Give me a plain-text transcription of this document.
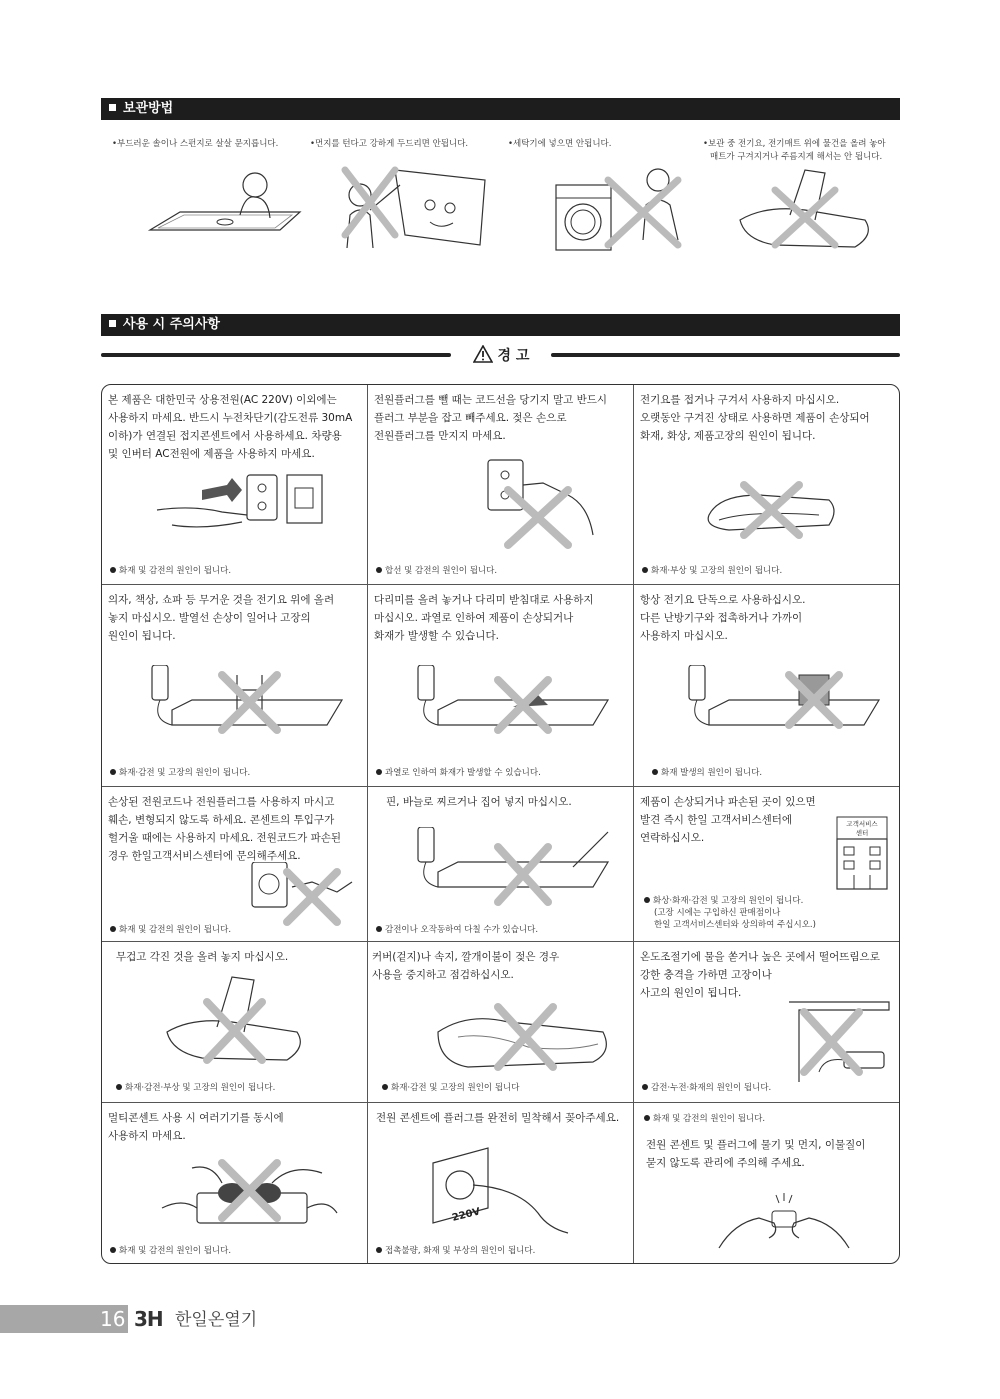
보관방법
•부드러운 솔이나 스펀지로 살살 문지릅니다.	•먼지를 턴다고 강하게 두드리면 안됩니다.	•세탁기에 넣으면 안됩니다.	•보관 중 전기요, 전기매트 위에 물건을 올려 놓아
매트가 구겨지거나 주름지게 해서는 안 됩니다.
사용 시 주의사항
경 고
본 제품은 대한민국 상용전원(AC 220V) 이외에는
사용하지 마세요. 반드시 누전차단기(감도전류 30mA
이하)가 연결된 접지콘센트에서 사용하세요. 차량용
및 인버터 AC전원에 제품을 사용하지 마세요.
화재 및 감전의 원인이 됩니다.
전원플러그를 뺄 때는 코드선을 당기지 말고 반드시
플러그 부분을 잡고 빼주세요. 젖은 손으로
전원플러그를 만지지 마세요.
합선 및 감전의 원인이 됩니다.
전기요를 접거나 구겨서 사용하지 마십시오.
오랫동안 구겨진 상태로 사용하면 제품이 손상되어
화재, 화상, 제품고장의 원인이 됩니다.
화재·부상 및 고장의 원인이 됩니다.
의자, 책상, 쇼파 등 무거운 것을 전기요 위에 올려
놓지 마십시오. 발열선 손상이 일어나 고장의
원인이 됩니다.
화재·감전 및 고장의 원인이 됩니다.
다리미를 올려 놓거나 다리미 받침대로 사용하지
마십시오. 과열로 인하여 제품이 손상되거나
화재가 발생할 수 있습니다.
과열로 인하여 화재가 발생할 수 있습니다.
항상 전기요 단독으로 사용하십시오.
다른 난방기구와 접촉하거나 가까이
사용하지 마십시오.
화재 발생의 원인이 됩니다.
손상된 전원코드나 전원플러그를 사용하지 마시고
훼손, 변형되지 않도록 하세요. 콘센트의 투입구가
헐거울 때에는 사용하지 마세요. 전원코드가 파손된
경우 한일고객서비스센터에 문의해주세요.
화재 및 감전의 원인이 됩니다.
핀, 바늘로 찌르거나 집어 넣지 마십시오.
감전이나 오작동하여 다칠 수가 있습니다.
제품이 손상되거나 파손된 곳이 있으면
발견 즉시 한일 고객서비스센터에
연락하십시오.
고객서비스
센터
화상·화재·감전 및 고장의 원인이 됩니다.
(고장 시에는 구입하신 판매점이나
한일 고객서비스센터와 상의하여 주십시오.)
무겁고 각진 것을 올려 놓지 마십시오.
화재·감전·부상 및 고장의 원인이 됩니다.
커버(겉지)나 속지, 깔개이불이 젖은 경우
사용을 중지하고 점검하십시오.
화재·감전 및 고장의 원인이 됩니다
온도조절기에 물을 쏟거나 높은 곳에서 떨어뜨림으로
강한 충격을 가하면 고장이나
사고의 원인이 됩니다.
감전·누전·화재의 원인이 됩니다.
멀티콘센트 사용 시 여러기기를 동시에
사용하지 마세요.
화재 및 감전의 원인이 됩니다.
전원 콘센트에 플러그를 완전히 밀착해서 꽂아주세요.
220V
접촉불량, 화재 및 부상의 원인이 됩니다.
화재 및 감전의 원인이 됩니다.
전원 콘센트 및 플러그에 물기 및 먼지, 이물질이
묻지 않도록 관리에 주의해 주세요.
16 3H 한일온열기
